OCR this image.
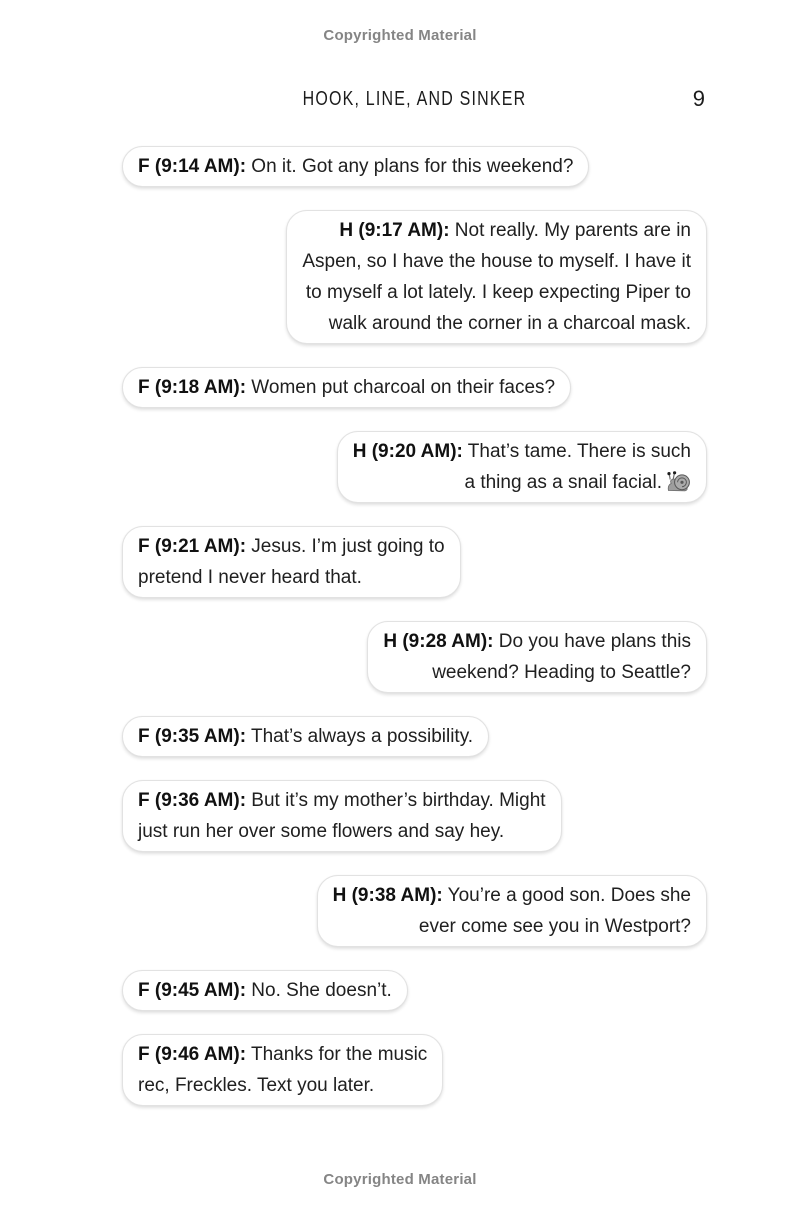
Copyrighted Material
HOOK, LINE, AND SINKER	9
F (9:14 AM): On it. Got any plans for this weekend?
H (9:17 AM): Not really. My parents are in
Aspen, so I have the house to myself. I have it
to myself a lot lately. I keep expecting Piper to
walk around the corner in a charcoal mask.
F (9:18 AM): Women put charcoal on their faces?
H (9:20 AM): That’s tame. There is such
a thing as a snail facial.
F (9:21 AM): Jesus. I’m just going to
pretend I never heard that.
H (9:28 AM): Do you have plans this
weekend? Heading to Seattle?
F (9:35 AM): That’s always a possibility.
F (9:36 AM): But it’s my mother’s birthday. Might
just run her over some flowers and say hey.
H (9:38 AM): You’re a good son. Does she
ever come see you in Westport?
F (9:45 AM): No. She doesn’t.
F (9:46 AM): Thanks for the music
rec, Freckles. Text you later.
Copyrighted Material
